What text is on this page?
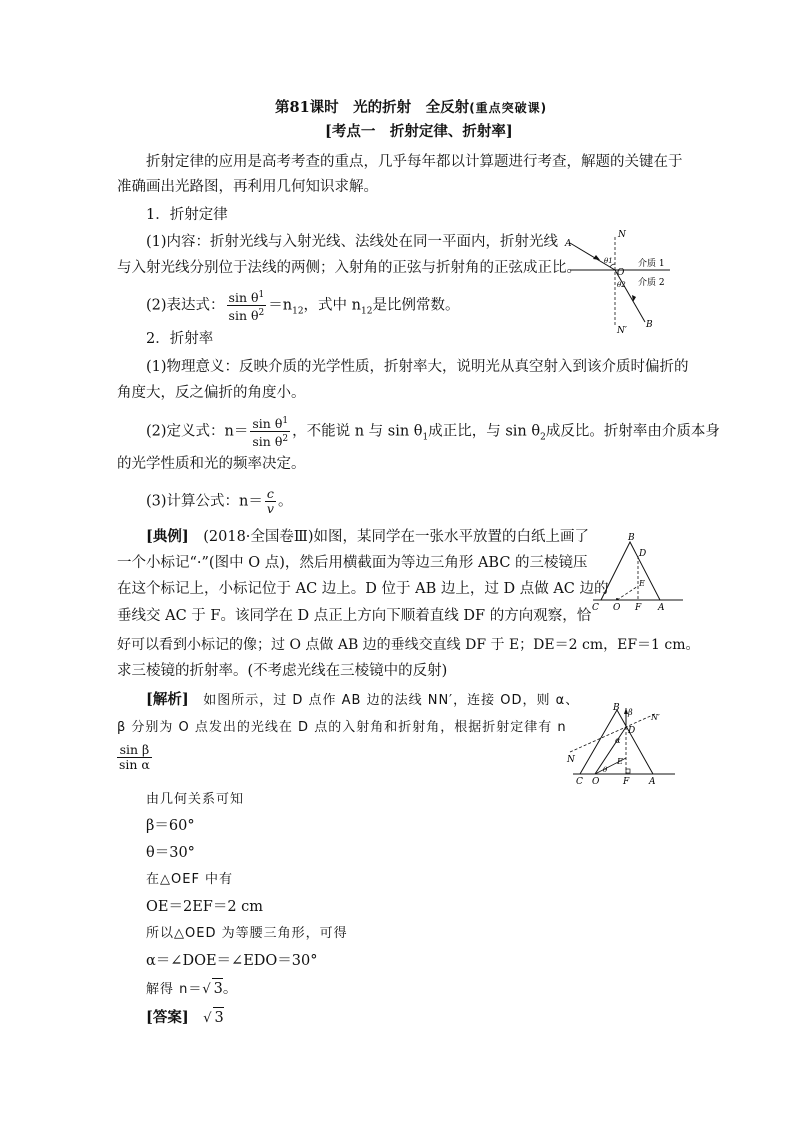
第81课时　光的折射　全反射(重点突破课)
[考点一　折射定律、折射率]
折射定律的应用是高考考查的重点，几乎每年都以计算题进行考查，解题的关键在于
准确画出光路图，再利用几何知识求解。
1．折射定律
(1)内容：折射光线与入射光线、法线处在同一平面内，折射光线
与入射光线分别位于法线的两侧；入射角的正弦与折射角的正弦成正比。
(2)表达式： $\frac{\sin \theta^1}{\sin \theta^2} =n_{12}$，式中 $n_{12}$是比例常数。
2．折射率
(1)物理意义：反映介质的光学性质，折射率大，说明光从真空射入到该介质时偏折的
角度大，反之偏折的角度小。
(2)定义式：$n= \frac{\sin \theta^1}{\sin \theta^2}$ ，不能说 n 与 $\sin \theta_1$成正比，与 $\sin \theta_2$成反比。折射率由介质本身
的光学性质和光的频率决定。
(3)计算公式：$n= \frac{c}{v}$ 。
[典例]　 (2018·全国卷Ⅲ)如图，某同学在一张水平放置的白纸上画了
一个小标记“·”(图中 O 点)，然后用横截面为等边三角形 ABC 的三棱镜压
在这个标记上，小标记位于 AC 边上。D 位于 AB 边上，过 D 点做 AC 边的
垂线交 AC 于 F。该同学在 D 点正上方向下顺着直线 DF 的方向观察，恰
好可以看到小标记的像；过 O 点做 AB 边的垂线交直线 DF 于 E；DE＝2 cm，EF＝1 cm。
求三棱镜的折射率。(不考虑光线在三棱镜中的反射)
[解析]　 如图所示，过 D 点作 AB 边的法线 NN′，连接 OD，则 α、
β 分别为 O 点发出的光线在 D 点的入射角和折射角，根据折射定律有 n
$\frac{\text{sin β}}{\text{sin α}}$
由几何关系可知
β＝60°
θ＝30°
在△OEF 中有
OE＝2EF＝2 cm
所以△OED 为等腰三角形，可得
α＝∠DOE＝∠EDO＝30°
解得 n＝√ 3。
[答案]　 √ 3
A
N
O
θ1
θ2
N′
B
介质 1
介质 2
B
D
E
C O F A
B β
N′
D
α
E
N
θ
C O	F A
